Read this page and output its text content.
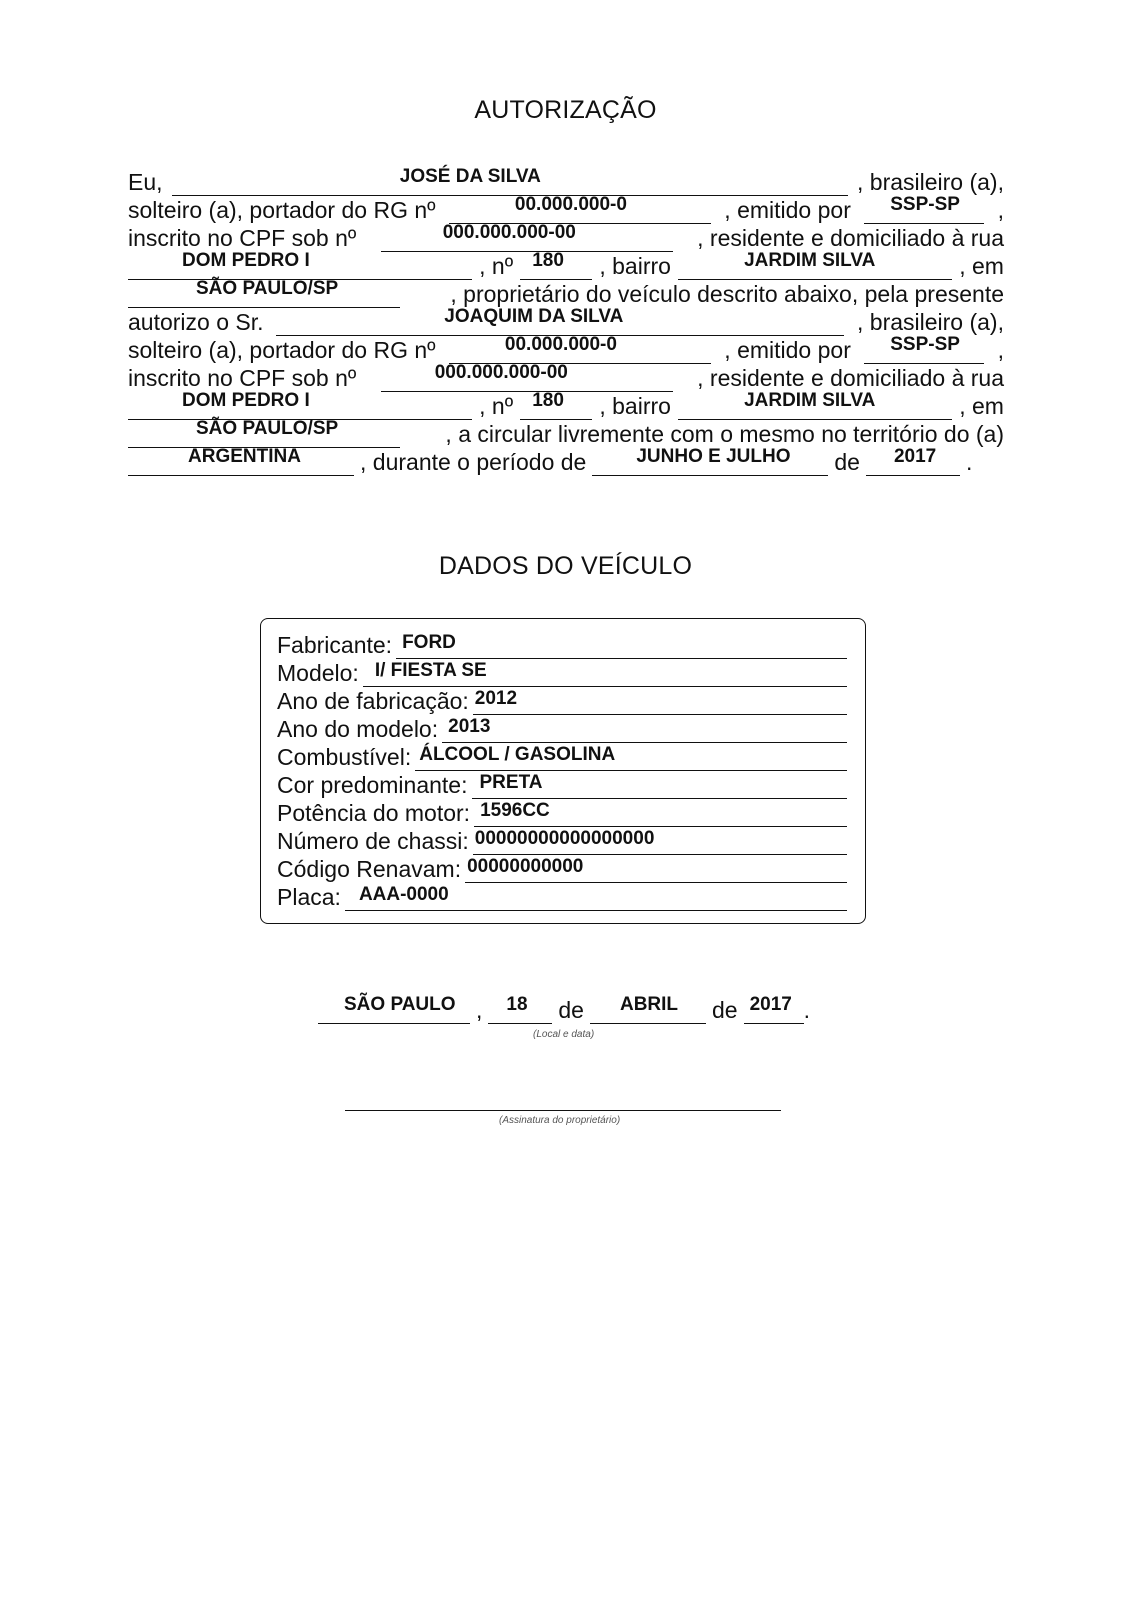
AUTORIZAÇÃO
Eu,	JOSÉ DA SILVA	, brasileiro (a),
solteiro (a), portador do RG nº	00.000.000-0	, emitido por SSP-SP ,
inscrito no CPF sob nº	000.000.000-00	, residente e domiciliado à rua
DOM PEDRO I	, nº 180 , bairro	JARDIM SILVA	, em
SÃO PAULO/SP	, proprietário do veículo descrito abaixo, pela presente
autorizo o Sr.	JOAQUIM DA SILVA	, brasileiro (a),
solteiro (a), portador do RG nº	00.000.000-0	, emitido por SSP-SP ,
inscrito no CPF sob nº	000.000.000-00	, residente e domiciliado à rua
DOM PEDRO I	, nº 180 , bairro	JARDIM SILVA	, em
SÃO PAULO/SP	, a circular livremente com o mesmo no território do (a)
ARGENTINA	, durante o período de	JUNHO E JULHO de 2017 .
DADOS DO VEÍCULO
Fabricante: FORD
Modelo: I/ FIESTA SE
Ano de fabricação: 2012
Ano do modelo: 2013
Combustível: ÁLCOOL / GASOLINA
Cor predominante: PRETA
Potência do motor: 1596CC
Número de chassi: 00000000000000000
Código Renavam: 00000000000
Placa: AAA-0000
SÃO PAULO , 18 de ABRIL de 2017 .
(Local e data)
(Assinatura do proprietário)
